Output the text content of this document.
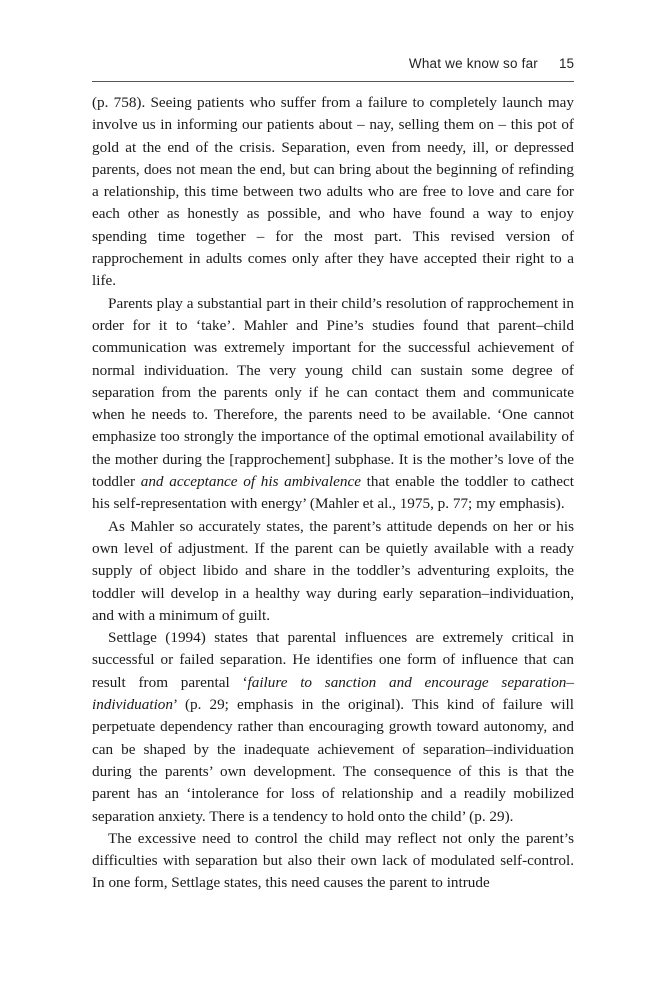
What we know so far 15

(p. 758). Seeing patients who suffer from a failure to completely launch may involve us in informing our patients about – nay, selling them on – this pot of gold at the end of the crisis. Separation, even from needy, ill, or depressed parents, does not mean the end, but can bring about the beginning of refinding a relationship, this time between two adults who are free to love and care for each other as honestly as possible, and who have found a way to enjoy spending time together – for the most part. This revised version of rapprochement in adults comes only after they have accepted their right to a life.

Parents play a substantial part in their child’s resolution of rapprochement in order for it to ‘take’. Mahler and Pine’s studies found that parent–child communication was extremely important for the successful achievement of normal individuation. The very young child can sustain some degree of separation from the parents only if he can contact them and communicate when he needs to. Therefore, the parents need to be available. ‘One cannot emphasize too strongly the importance of the optimal emotional availability of the mother during the [rapprochement] subphase. It is the mother’s love of the toddler and acceptance of his ambivalence that enable the toddler to cathect his self-representation with energy’ (Mahler et al., 1975, p. 77; my emphasis).

As Mahler so accurately states, the parent’s attitude depends on her or his own level of adjustment. If the parent can be quietly available with a ready supply of object libido and share in the toddler’s adventuring exploits, the toddler will develop in a healthy way during early separation–individuation, and with a minimum of guilt.

Settlage (1994) states that parental influences are extremely critical in successful or failed separation. He identifies one form of influence that can result from parental ‘failure to sanction and encourage separation–individuation’ (p. 29; emphasis in the original). This kind of failure will perpetuate dependency rather than encouraging growth toward autonomy, and can be shaped by the inadequate achievement of separation–individuation during the parents’ own development. The consequence of this is that the parent has an ‘intolerance for loss of relationship and a readily mobilized separation anxiety. There is a tendency to hold onto the child’ (p. 29).

The excessive need to control the child may reflect not only the parent’s difficulties with separation but also their own lack of modulated self-control. In one form, Settlage states, this need causes the parent to intrude
